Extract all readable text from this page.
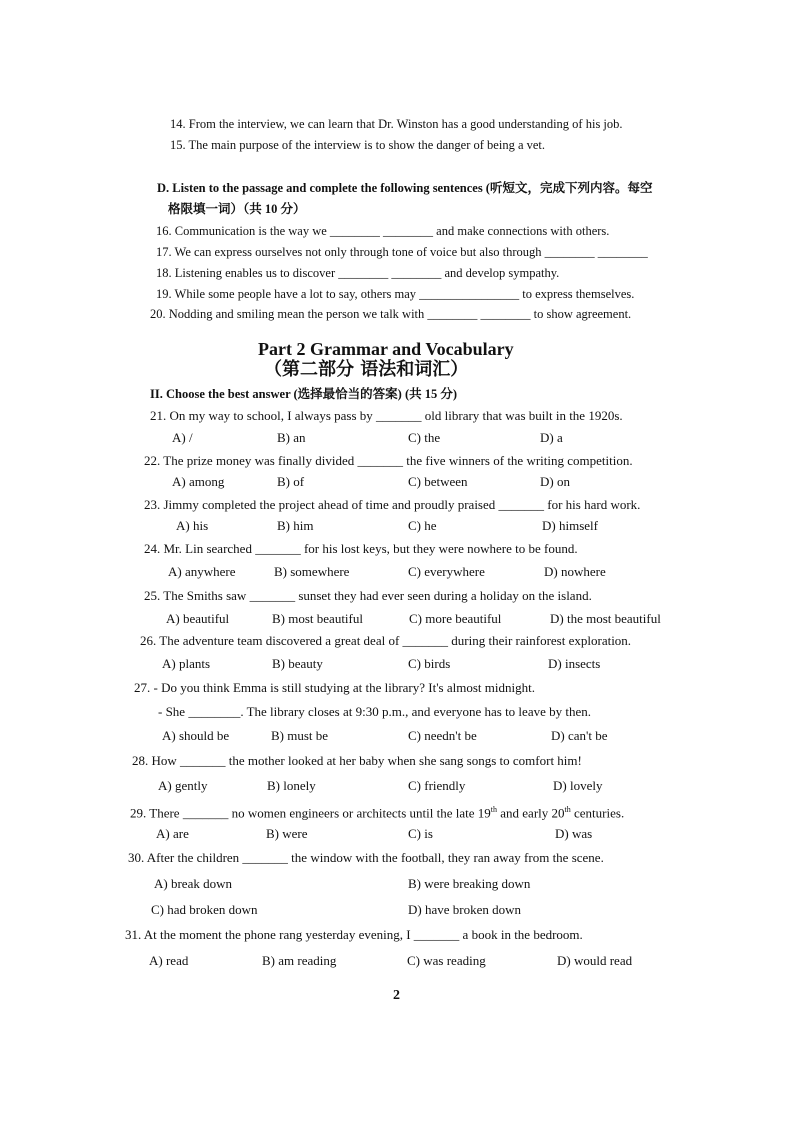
14. From the interview, we can learn that Dr. Winston has a good understanding of his job.
15. The main purpose of the interview is to show the danger of being a vet.
D. Listen to the passage and complete the following sentences (听短文，完成下列内容。每空
格限填一词）（共 10 分）
16. Communication is the way we ________ ________ and make connections with others.
17. We can express ourselves not only through tone of voice but also through ________ ________
18. Listening enables us to discover ________ ________ and develop sympathy.
19. While some people have a lot to say, others may ________________ to express themselves.
20. Nodding and smiling mean the person we talk with ________ ________ to show agreement.
Part 2 Grammar and Vocabulary
（第二部分 语法和词汇）
II. Choose the best answer (选择最恰当的答案) (共 15 分)
21. On my way to school, I always pass by _______ old library that was built in the 1920s.
A) /	B) an	C) the	D) a
22. The prize money was finally divided _______ the five winners of the writing competition.
A) among	B) of	C) between	D) on
23. Jimmy completed the project ahead of time and proudly praised _______ for his hard work.
A) his	B) him	C) he	D) himself
24. Mr. Lin searched _______ for his lost keys, but they were nowhere to be found.
A) anywhere	B) somewhere	C) everywhere	D) nowhere
25. The Smiths saw _______ sunset they had ever seen during a holiday on the island.
A) beautiful	B) most beautiful	C) more beautiful	D) the most beautiful
26. The adventure team discovered a great deal of _______ during their rainforest exploration.
A) plants	B) beauty	C) birds	D) insects
27. - Do you think Emma is still studying at the library? It's almost midnight.
- She ________. The library closes at 9:30 p.m., and everyone has to leave by then.
A) should be	B) must be	C) needn't be	D) can't be
28. How _______ the mother looked at her baby when she sang songs to comfort him!
A) gently	B) lonely	C) friendly	D) lovely
29. There _______ no women engineers or architects until the late 19th and early 20th centuries.
A) are	B) were	C) is	D) was
30. After the children _______ the window with the football, they ran away from the scene.
A) break down	B) were breaking down
C) had broken down	D) have broken down
31. At the moment the phone rang yesterday evening, I _______ a book in the bedroom.
A) read	B) am reading	C) was reading	D) would read
2
